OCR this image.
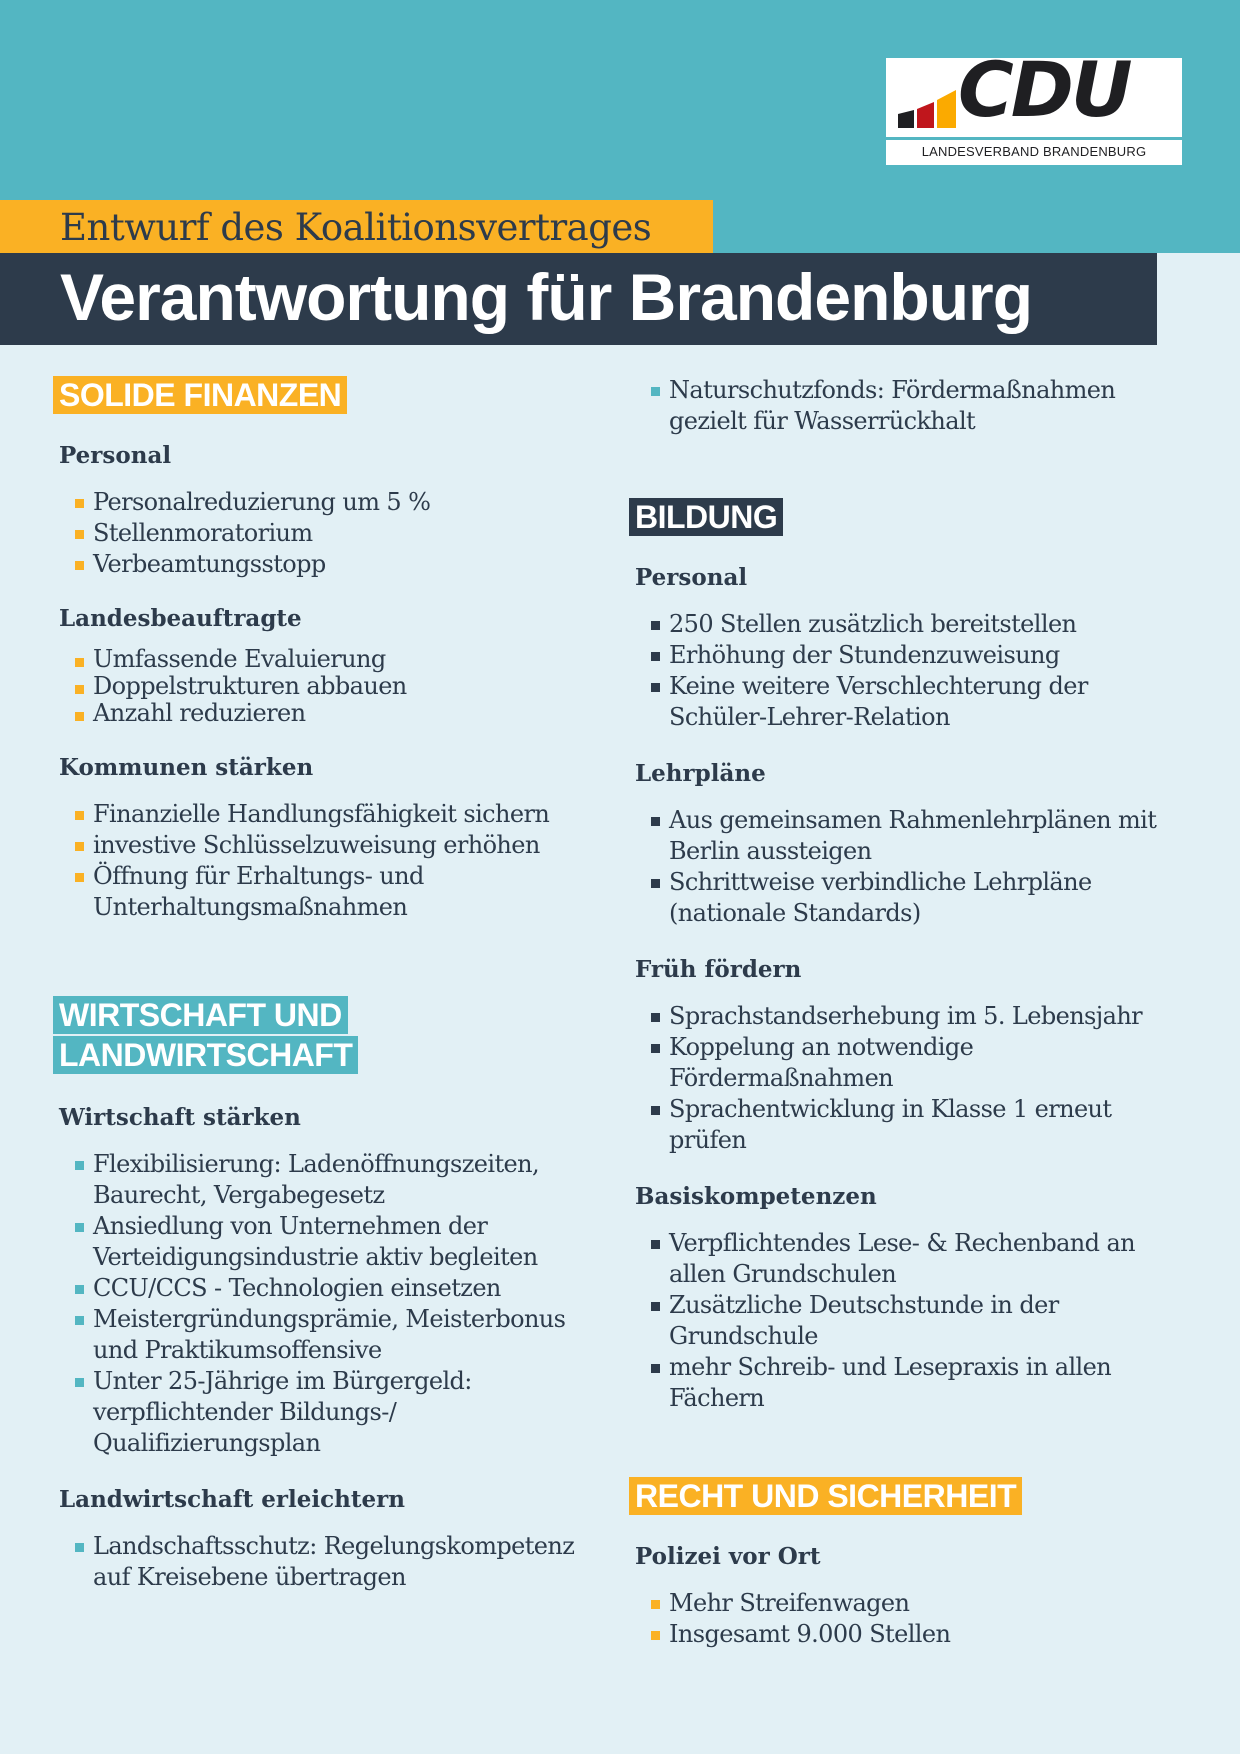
CDU
LANDESVERBAND BRANDENBURG
Entwurf des Koalitionsvertrages
Verantwortung für Brandenburg
SOLIDE FINANZEN
Personal
Personalreduzierung um 5 %
Stellenmoratorium
Verbeamtungsstopp
Landesbeauftragte
Umfassende Evaluierung
Doppelstrukturen abbauen
Anzahl reduzieren
Kommunen stärken
Finanzielle Handlungsfähigkeit sichern
investive Schlüsselzuweisung erhöhen
Öffnung für Erhaltungs- und Unterhaltungsmaßnahmen
WIRTSCHAFT UND
LANDWIRTSCHAFT
Wirtschaft stärken
Flexibilisierung: Ladenöffnungszeiten, Baurecht, Vergabegesetz
Ansiedlung von Unternehmen der Verteidigungsindustrie aktiv begleiten
CCU/CCS - Technologien einsetzen
Meistergründungsprämie, Meisterbonus und Praktikumsoffensive
Unter 25-Jährige im Bürgergeld: verpflichtender Bildungs-/ Qualifizierungsplan
Landwirtschaft erleichtern
Landschaftsschutz: Regelungskompetenz auf Kreisebene übertragen
Naturschutzfonds: Fördermaßnahmen gezielt für Wasserrückhalt
BILDUNG
Personal
250 Stellen zusätzlich bereitstellen
Erhöhung der Stundenzuweisung
Keine weitere Verschlechterung der Schüler-Lehrer-Relation
Lehrpläne
Aus gemeinsamen Rahmenlehrplänen mit Berlin aussteigen
Schrittweise verbindliche Lehrpläne (nationale Standards)
Früh fördern
Sprachstandserhebung im 5. Lebensjahr
Koppelung an notwendige Fördermaßnahmen
Sprachentwicklung in Klasse 1 erneut prüfen
Basiskompetenzen
Verpflichtendes Lese- & Rechenband an allen Grundschulen
Zusätzliche Deutschstunde in der Grundschule
mehr Schreib- und Lesepraxis in allen Fächern
RECHT UND SICHERHEIT
Polizei vor Ort
Mehr Streifenwagen
Insgesamt 9.000 Stellen
